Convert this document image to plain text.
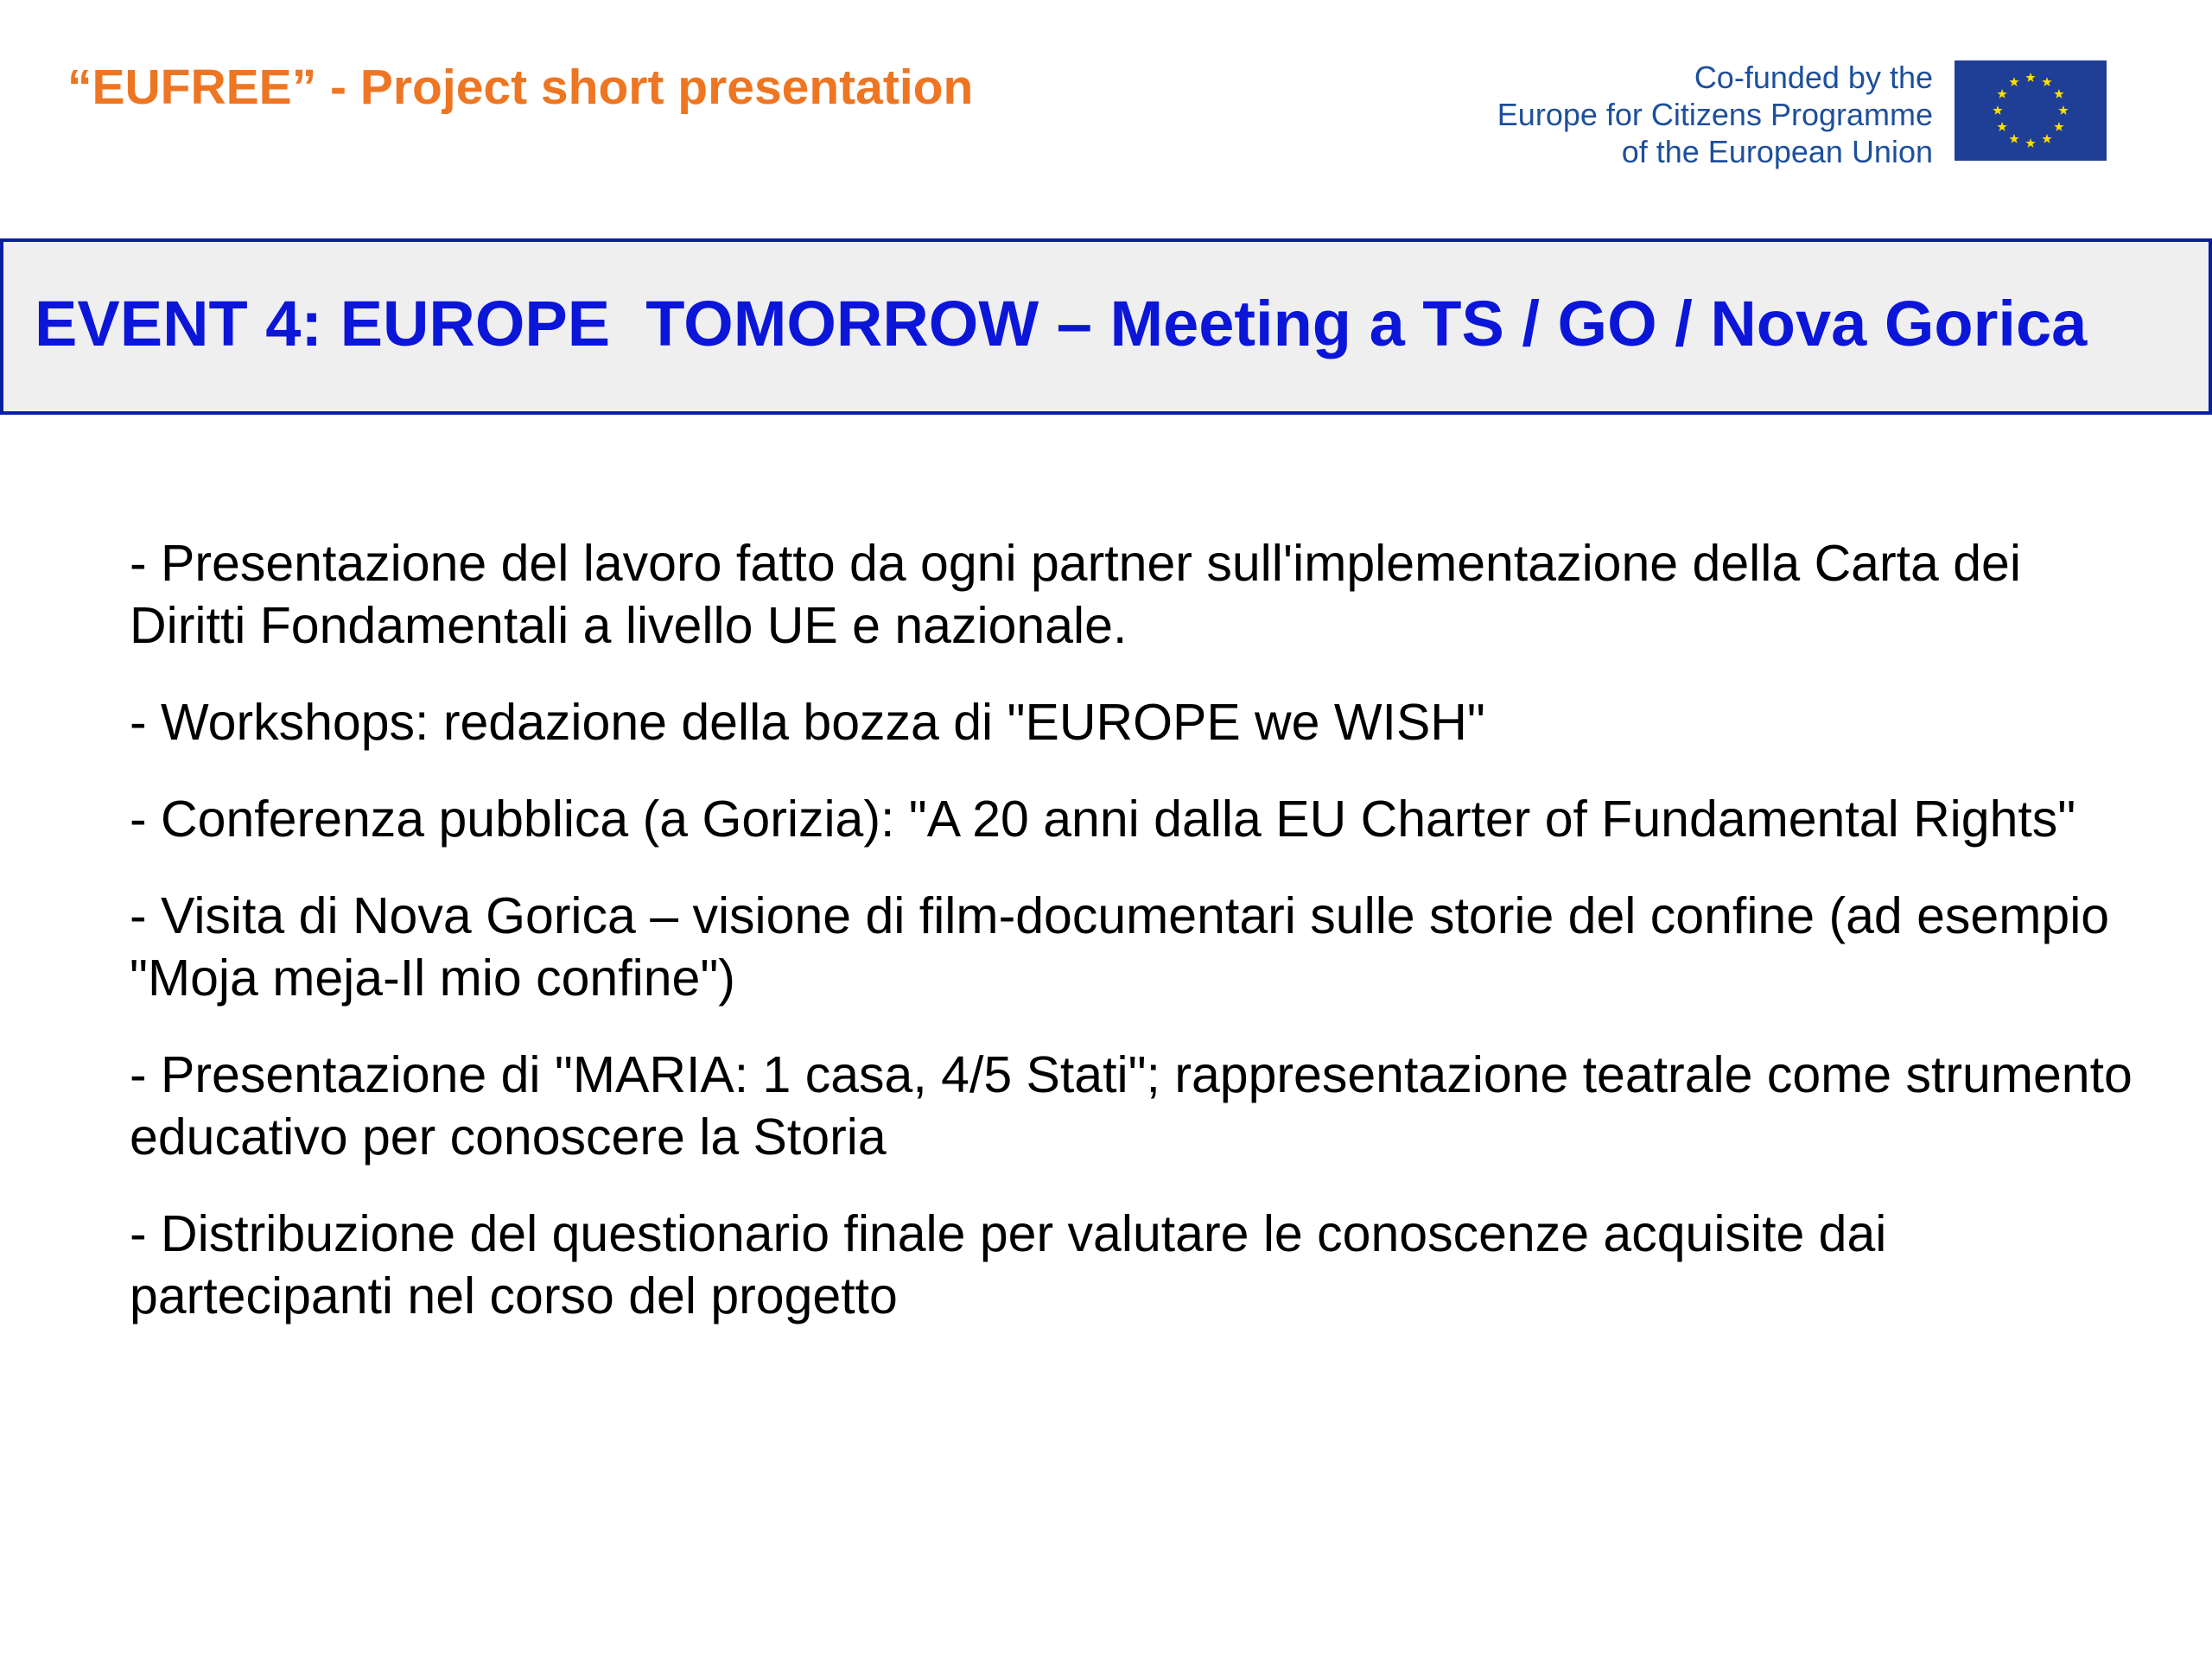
“EUFREE” - Project short presentation	Co-funded by the
Europe for Citizens Programme
of the European Union
EVENT 4: EUROPE  TOMORROW – Meeting a TS / GO / Nova Gorica
- Presentazione del lavoro fatto da ogni partner sull'implementazione della Carta dei Diritti Fondamentali a livello UE e nazionale.
- Workshops: redazione della bozza di "EUROPE we WISH"
- Conferenza pubblica (a Gorizia): "A 20 anni dalla EU Charter of Fundamental Rights"
- Visita di Nova Gorica – visione di film-documentari sulle storie del confine (ad esempio "Moja meja-Il mio confine")
- Presentazione di "MARIA: 1 casa, 4/5 Stati"; rappresentazione teatrale come strumento educativo per conoscere la Storia
- Distribuzione del questionario finale per valutare le conoscenze acquisite dai partecipanti nel corso del progetto
